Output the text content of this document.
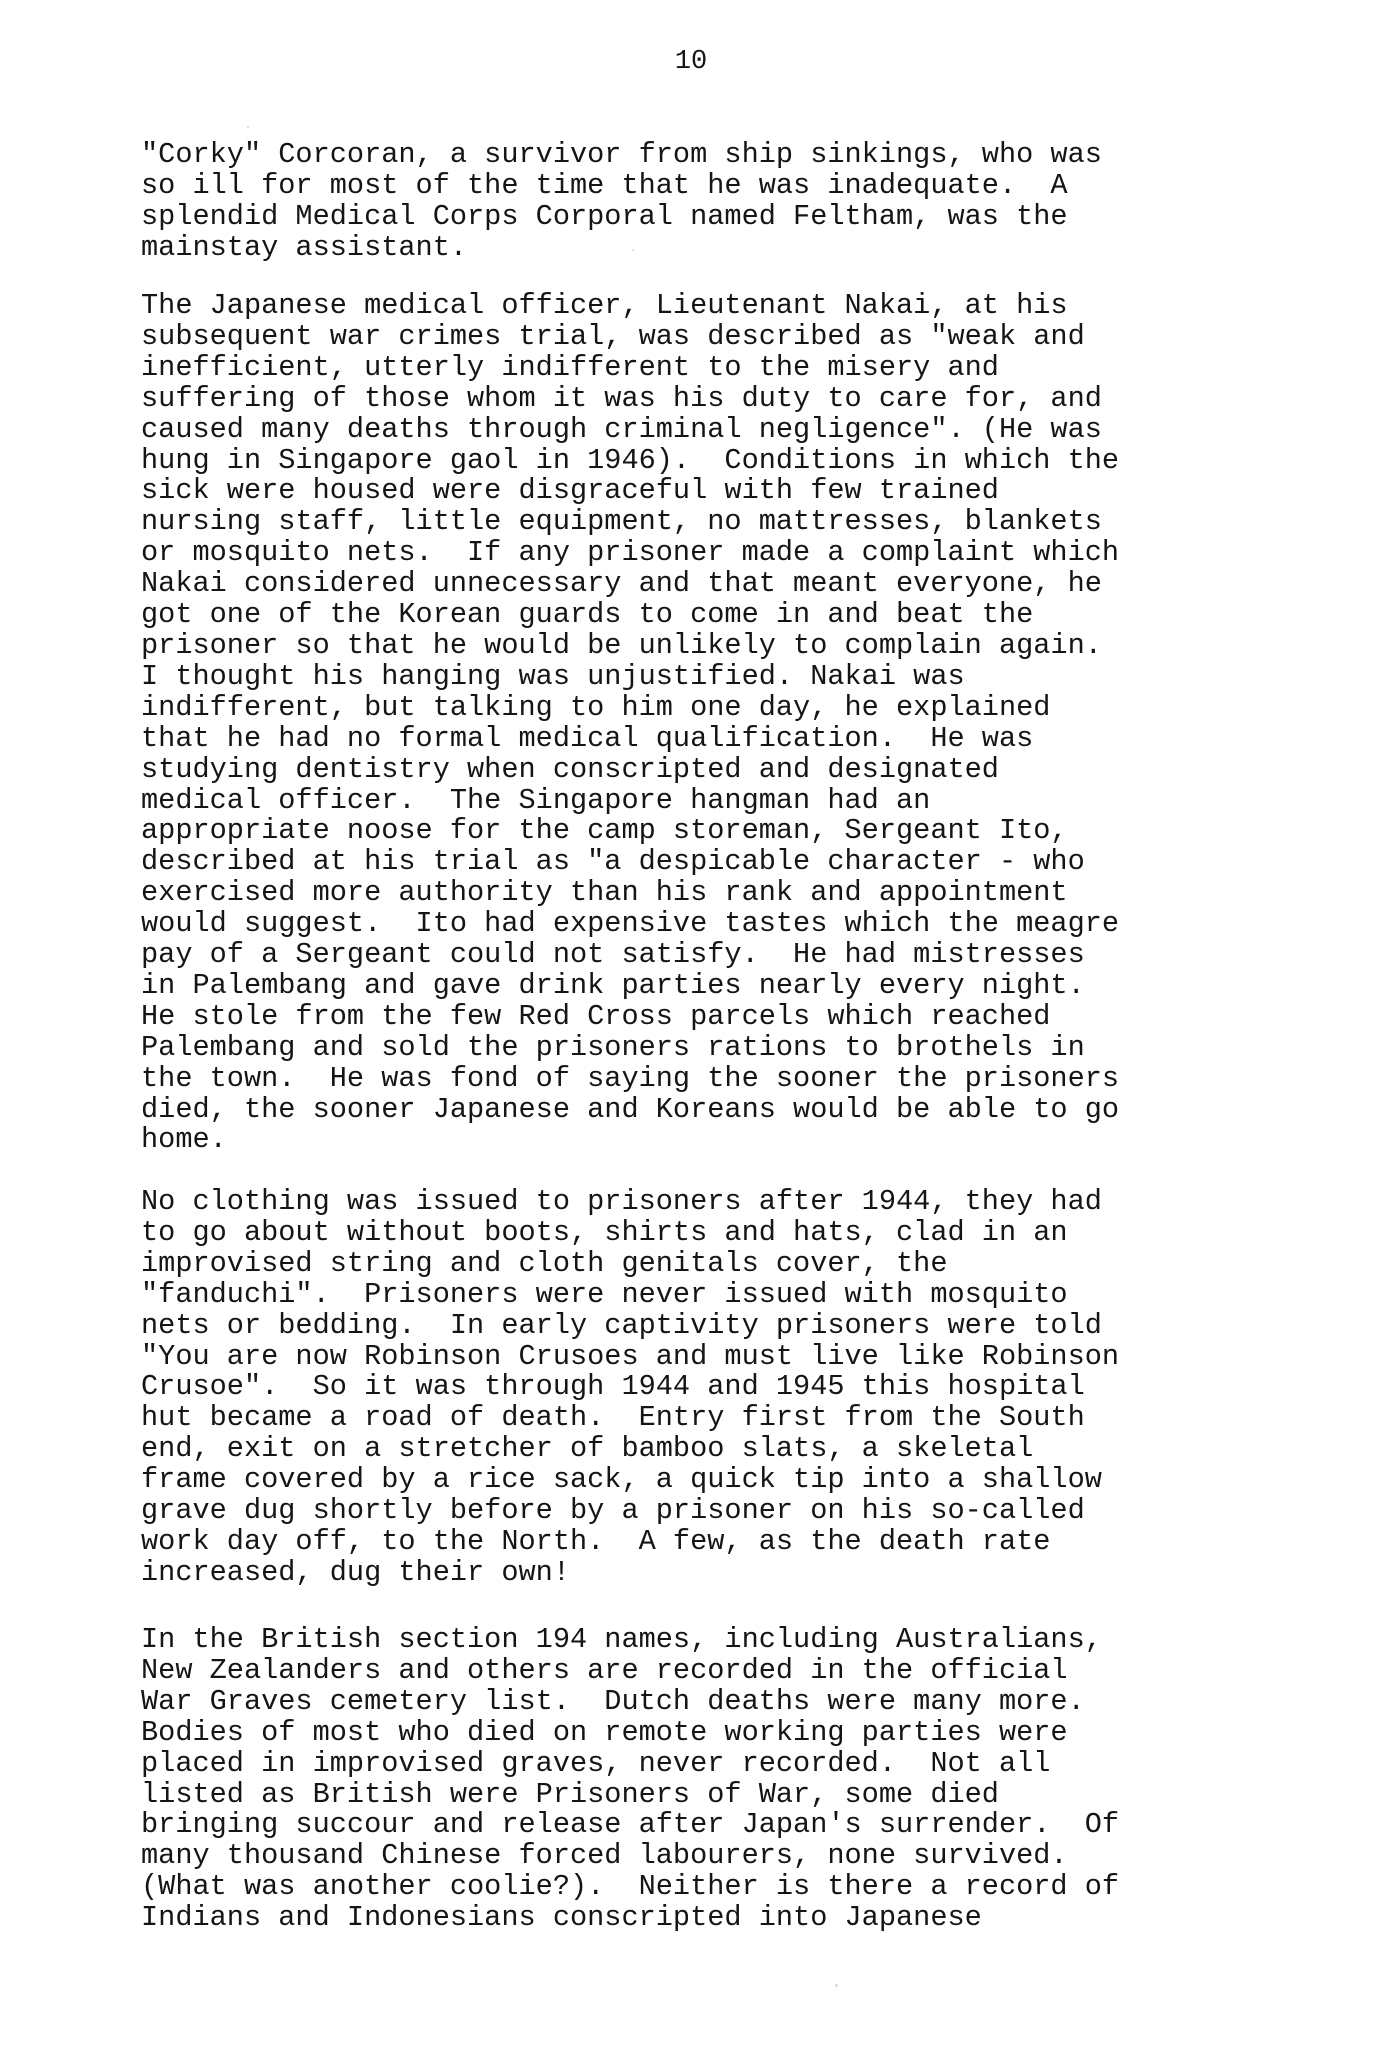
10
"Corky" Corcoran, a survivor from ship sinkings, who was
so ill for most of the time that he was inadequate.  A
splendid Medical Corps Corporal named Feltham, was the
mainstay assistant.
The Japanese medical officer, Lieutenant Nakai, at his
subsequent war crimes trial, was described as "weak and
inefficient, utterly indifferent to the misery and
suffering of those whom it was his duty to care for, and
caused many deaths through criminal negligence". (He was
hung in Singapore gaol in 1946).  Conditions in which the
sick were housed were disgraceful with few trained
nursing staff, little equipment, no mattresses, blankets
or mosquito nets.  If any prisoner made a complaint which
Nakai considered unnecessary and that meant everyone, he
got one of the Korean guards to come in and beat the
prisoner so that he would be unlikely to complain again.
I thought his hanging was unjustified. Nakai was
indifferent, but talking to him one day, he explained
that he had no formal medical qualification.  He was
studying dentistry when conscripted and designated
medical officer.  The Singapore hangman had an
appropriate noose for the camp storeman, Sergeant Ito,
described at his trial as "a despicable character - who
exercised more authority than his rank and appointment
would suggest.  Ito had expensive tastes which the meagre
pay of a Sergeant could not satisfy.  He had mistresses
in Palembang and gave drink parties nearly every night.
He stole from the few Red Cross parcels which reached
Palembang and sold the prisoners rations to brothels in
the town.  He was fond of saying the sooner the prisoners
died, the sooner Japanese and Koreans would be able to go
home.
No clothing was issued to prisoners after 1944, they had
to go about without boots, shirts and hats, clad in an
improvised string and cloth genitals cover, the
"fanduchi".  Prisoners were never issued with mosquito
nets or bedding.  In early captivity prisoners were told
"You are now Robinson Crusoes and must live like Robinson
Crusoe".  So it was through 1944 and 1945 this hospital
hut became a road of death.  Entry first from the South
end, exit on a stretcher of bamboo slats, a skeletal
frame covered by a rice sack, a quick tip into a shallow
grave dug shortly before by a prisoner on his so-called
work day off, to the North.  A few, as the death rate
increased, dug their own!
In the British section 194 names, including Australians,
New Zealanders and others are recorded in the official
War Graves cemetery list.  Dutch deaths were many more.
Bodies of most who died on remote working parties were
placed in improvised graves, never recorded.  Not all
listed as British were Prisoners of War, some died
bringing succour and release after Japan's surrender.  Of
many thousand Chinese forced labourers, none survived.
(What was another coolie?).  Neither is there a record of
Indians and Indonesians conscripted into Japanese
